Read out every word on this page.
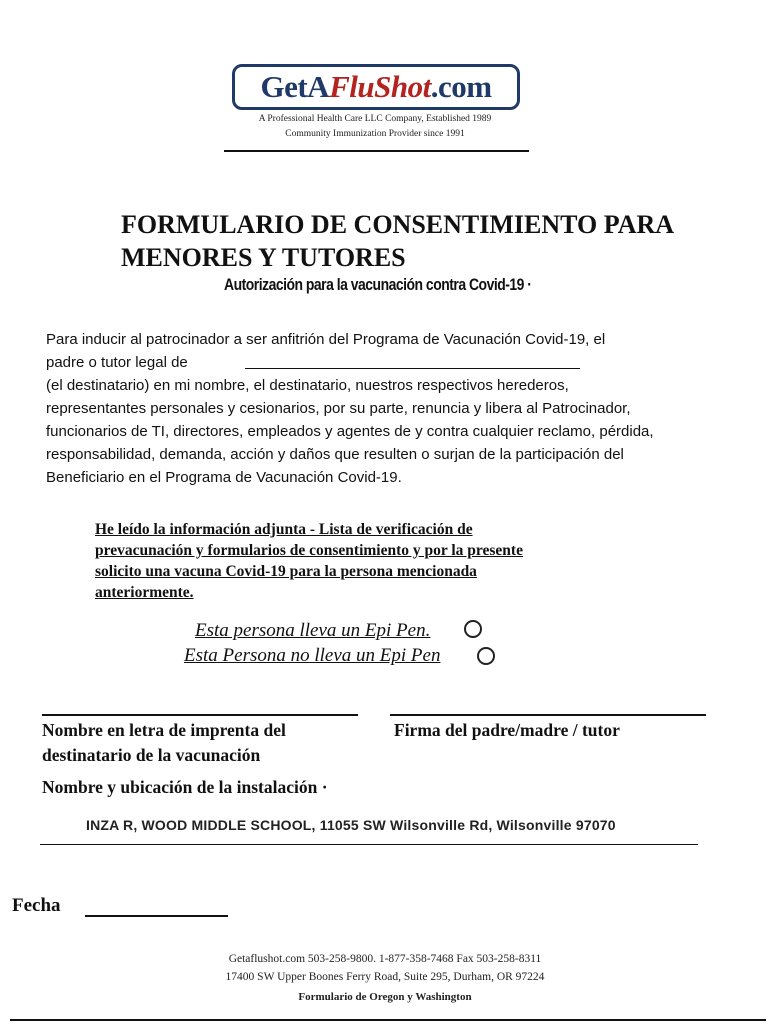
GetA FluShot .com
A Professional Health Care LLC Company, Established 1989
Community Immunization Provider since 1991
FORMULARIO DE CONSENTIMIENTO PARA
MENORES Y TUTORES
Autorización para la vacunación contra Covid-19 ·
Para inducir al patrocinador a ser anfitrión del Programa de Vacunación Covid-19, el
padre o tutor legal de
(el destinatario) en mi nombre, el destinatario, nuestros respectivos herederos,
representantes personales y cesionarios, por su parte, renuncia y libera al Patrocinador,
funcionarios de TI, directores, empleados y agentes de y contra cualquier reclamo, pérdida,
responsabilidad, demanda, acción y daños que resulten o surjan de la participación del
Beneficiario en el Programa de Vacunación Covid-19.
He leído la información adjunta - Lista de verificación de
prevacunación y formularios de consentimiento y por la presente
solicito una vacuna Covid-19 para la persona mencionada
anteriormente.
Esta persona lleva un Epi Pen.
Esta Persona no lleva un Epi Pen
Nombre en letra de imprenta del
destinatario de la vacunación
Firma del padre/madre / tutor
Nombre y ubicación de la instalación ·
INZA R, WOOD MIDDLE SCHOOL, 11055 SW Wilsonville Rd, Wilsonville 97070
Fecha
Getaflushot.com 503-258-9800. 1-877-358-7468 Fax 503-258-8311
17400 SW Upper Boones Ferry Road, Suite 295, Durham, OR 97224
Formulario de Oregon y Washington
